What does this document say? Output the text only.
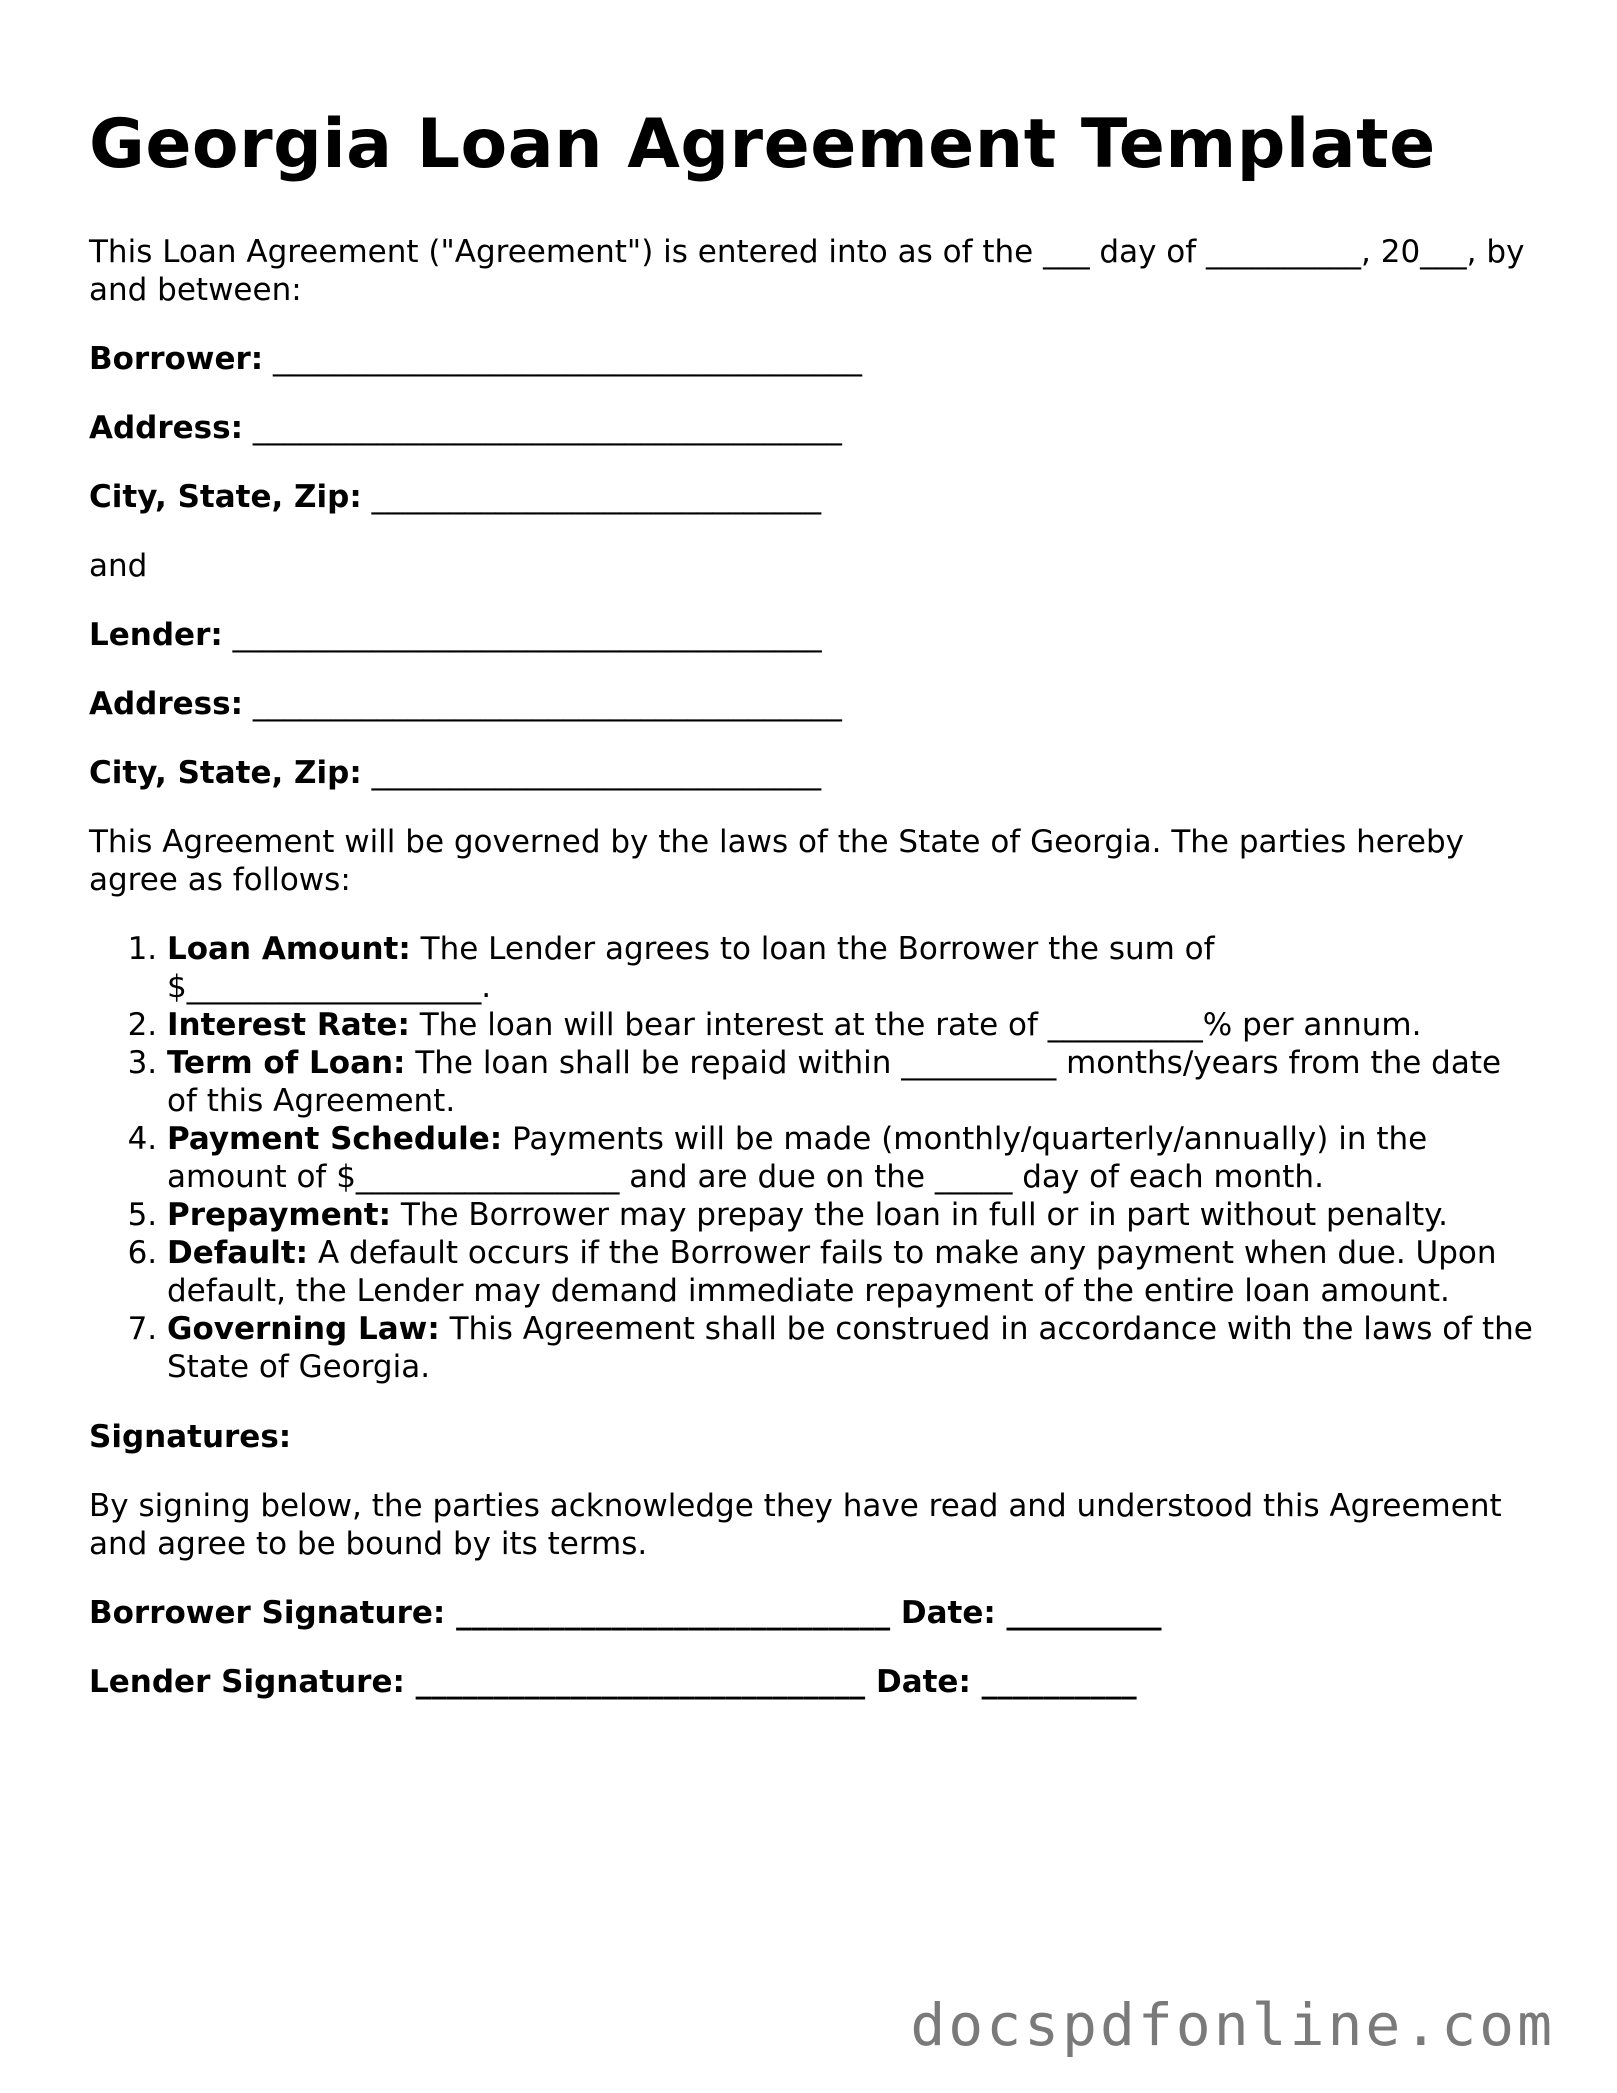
Georgia Loan Agreement Template

This Loan Agreement ("Agreement") is entered into as of the ___ day of __________, 20___, by and between:

Borrower: ______________________________________

Address: ______________________________________

City, State, Zip: _____________________________

and

Lender: ______________________________________

Address: ______________________________________

City, State, Zip: _____________________________

This Agreement will be governed by the laws of the State of Georgia. The parties hereby agree as follows:

1. Loan Amount: The Lender agrees to loan the Borrower the sum of $___________________.
2. Interest Rate: The loan will bear interest at the rate of __________% per annum.
3. Term of Loan: The loan shall be repaid within __________ months/years from the date of this Agreement.
4. Payment Schedule: Payments will be made (monthly/quarterly/annually) in the amount of $_________________ and are due on the _____ day of each month.
5. Prepayment: The Borrower may prepay the loan in full or in part without penalty.
6. Default: A default occurs if the Borrower fails to make any payment when due. Upon default, the Lender may demand immediate repayment of the entire loan amount.
7. Governing Law: This Agreement shall be construed in accordance with the laws of the State of Georgia.

Signatures:

By signing below, the parties acknowledge they have read and understood this Agreement and agree to be bound by its terms.

Borrower Signature: ____________________________ Date: __________

Lender Signature: _____________________________ Date: __________

docspdfonline.com
